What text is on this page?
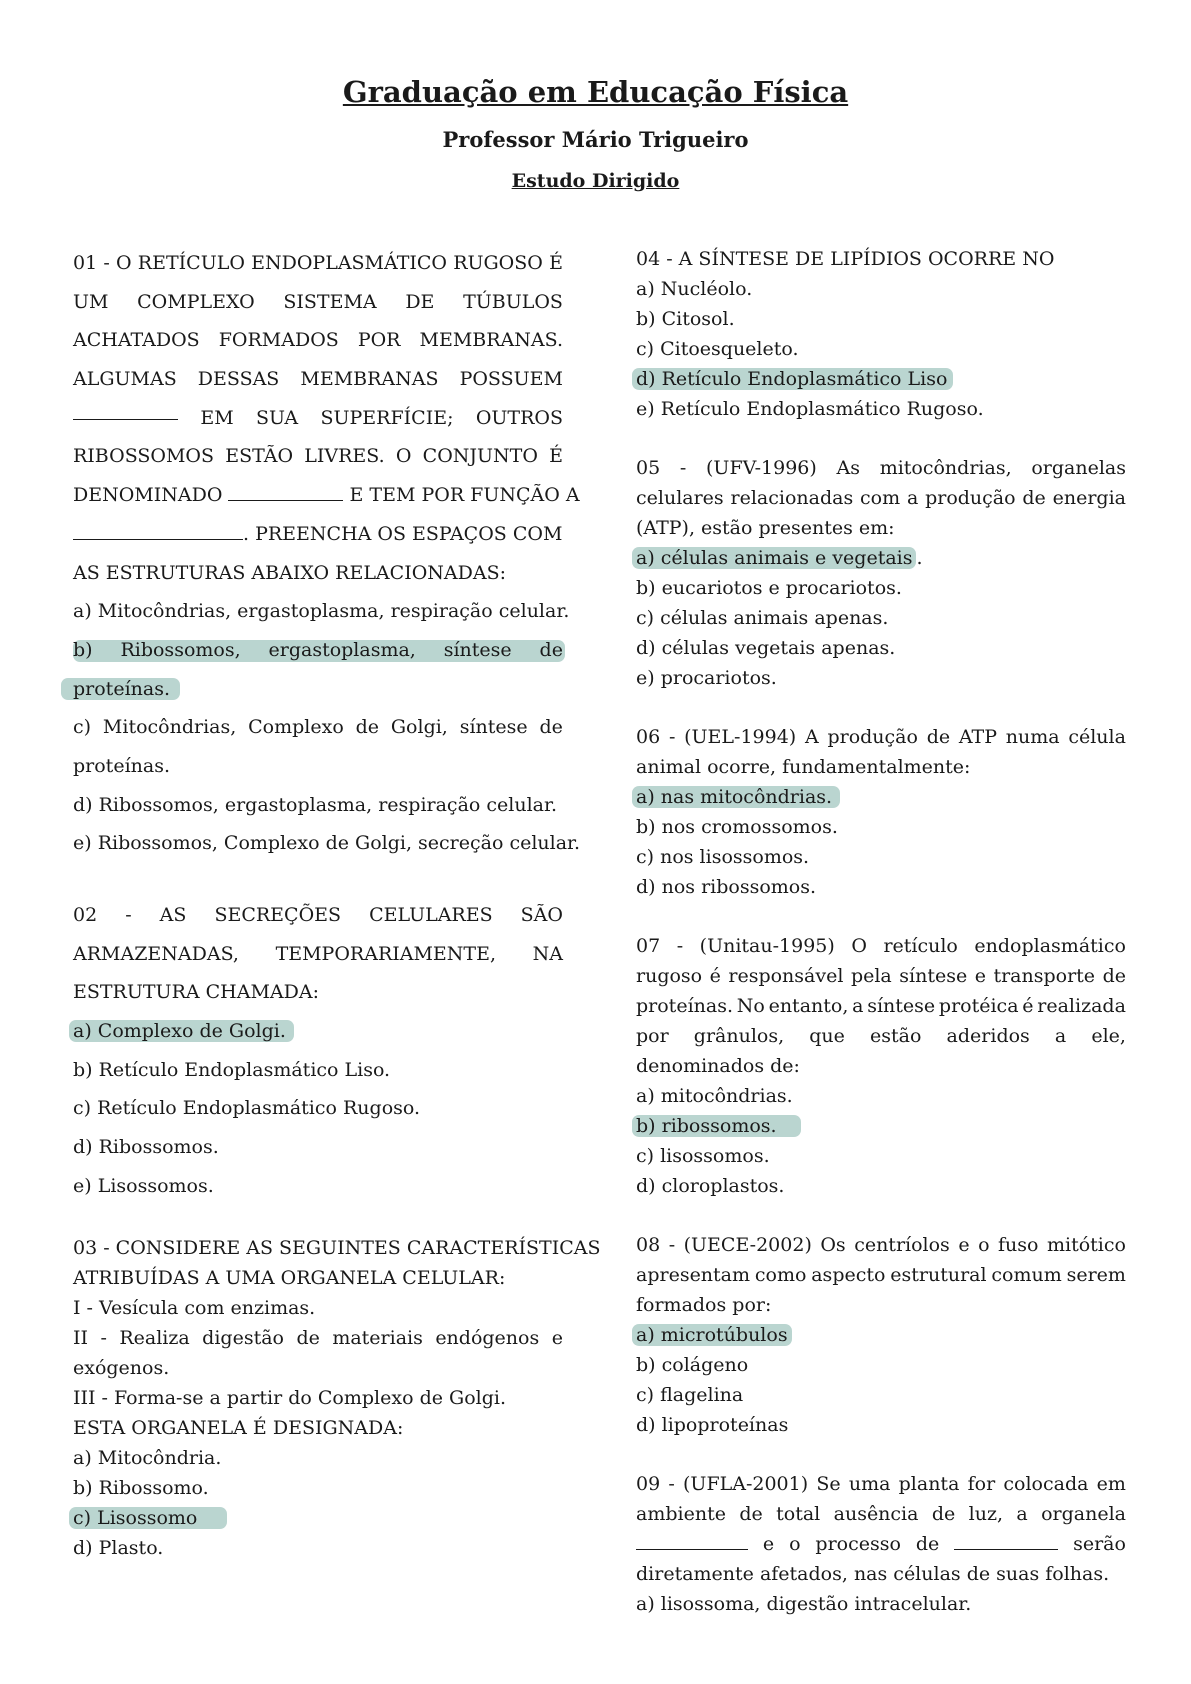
Graduação em Educação Física
Professor Mário Trigueiro
Estudo Dirigido
01 - O RETÍCULO ENDOPLASMÁTICO RUGOSO É
UM COMPLEXO SISTEMA DE TÚBULOS
ACHATADOS FORMADOS POR MEMBRANAS.
ALGUMAS DESSAS MEMBRANAS POSSUEM
EM SUA SUPERFÍCIE; OUTROS
RIBOSSOMOS ESTÃO LIVRES. O CONJUNTO É
DENOMINADO	E TEM POR FUNÇÃO A
. PREENCHA OS ESPAÇOS COM
AS ESTRUTURAS ABAIXO RELACIONADAS:
a) Mitocôndrias, ergastoplasma, respiração celular.
b) Ribossomos, ergastoplasma, síntese de
proteínas.
c) Mitocôndrias, Complexo de Golgi, síntese de
proteínas.
d) Ribossomos, ergastoplasma, respiração celular.
e) Ribossomos, Complexo de Golgi, secreção celular.
02 - AS SECREÇÕES CELULARES SÃO
ARMAZENADAS, TEMPORARIAMENTE, NA
ESTRUTURA CHAMADA:
a) Complexo de Golgi.
b) Retículo Endoplasmático Liso.
c) Retículo Endoplasmático Rugoso.
d) Ribossomos.
e) Lisossomos.
03 - CONSIDERE AS SEGUINTES CARACTERÍSTICAS
ATRIBUÍDAS A UMA ORGANELA CELULAR:
I - Vesícula com enzimas.
II - Realiza digestão de materiais endógenos e
exógenos.
III - Forma-se a partir do Complexo de Golgi.
ESTA ORGANELA É DESIGNADA:
a) Mitocôndria.
b) Ribossomo.
c) Lisossomo
d) Plasto.
04 - A SÍNTESE DE LIPÍDIOS OCORRE NO
a) Nucléolo.
b) Citosol.
c) Citoesqueleto.
d) Retículo Endoplasmático Liso
e) Retículo Endoplasmático Rugoso.
05 - (UFV-1996) As mitocôndrias, organelas
celulares relacionadas com a produção de energia
(ATP), estão presentes em:
a) células animais e vegetais .
b) eucariotos e procariotos.
c) células animais apenas.
d) células vegetais apenas.
e) procariotos.
06 - (UEL-1994) A produção de ATP numa célula
animal ocorre, fundamentalmente:
a) nas mitocôndrias.
b) nos cromossomos.
c) nos lisossomos.
d) nos ribossomos.
07 - (Unitau-1995) O retículo endoplasmático
rugoso é responsável pela síntese e transporte de
proteínas. No entanto, a síntese protéica é realizada
por grânulos, que estão aderidos a ele,
denominados de:
a) mitocôndrias.
b) ribossomos.
c) lisossomos.
d) cloroplastos.
08 - (UECE-2002) Os centríolos e o fuso mitótico
apresentam como aspecto estrutural comum serem
formados por:
a) microtúbulos
b) colágeno
c) flagelina
d) lipoproteínas
09 - (UFLA-2001) Se uma planta for colocada em
ambiente de total ausência de luz, a organela
e o processo de	serão
diretamente afetados, nas células de suas folhas.
a) lisossoma, digestão intracelular.
